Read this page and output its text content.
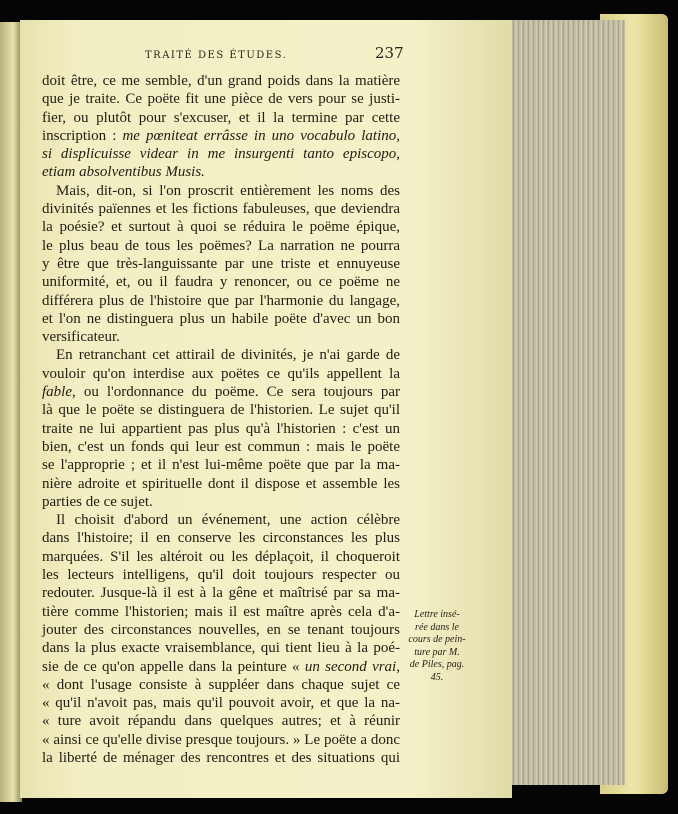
TRAITÉ DES ÉTUDES.	237
doit être, ce me semble, d'un grand poids dans la matière
que je traite. Ce poëte fit une pièce de vers pour se justi-
fier, ou plutôt pour s'excuser, et il la termine par cette
inscription : me pœniteat errâsse in uno vocabulo latino,
si displicuisse videar in me insurgenti tanto episcopo,
etiam absolventibus Musis.
Mais, dit-on, si l'on proscrit entièrement les noms des
divinités païennes et les fictions fabuleuses, que deviendra
la poésie? et surtout à quoi se réduira le poëme épique,
le plus beau de tous les poëmes? La narration ne pourra
y être que très-languissante par une triste et ennuyeuse
uniformité, et, ou il faudra y renoncer, ou ce poëme ne
différera plus de l'histoire que par l'harmonie du langage,
et l'on ne distinguera plus un habile poëte d'avec un bon
versificateur.
En retranchant cet attirail de divinités, je n'ai garde de
vouloir qu'on interdise aux poëtes ce qu'ils appellent la
fable, ou l'ordonnance du poëme. Ce sera toujours par
là que le poëte se distinguera de l'historien. Le sujet qu'il
traite ne lui appartient pas plus qu'à l'historien : c'est un
bien, c'est un fonds qui leur est commun : mais le poëte
se l'approprie ; et il n'est lui-même poëte que par la ma-
nière adroite et spirituelle dont il dispose et assemble les
parties de ce sujet.
Il choisit d'abord un événement, une action célèbre
dans l'histoire; il en conserve les circonstances les plus
marquées. S'il les altéroit ou les déplaçoit, il choqueroit
les lecteurs intelligens, qu'il doit toujours respecter ou
redouter. Jusque-là il est à la gêne et maîtrisé par sa ma-
tière comme l'historien; mais il est maître après cela d'a-
jouter des circonstances nouvelles, en se tenant toujours
dans la plus exacte vraisemblance, qui tient lieu à la poé-
sie de ce qu'on appelle dans la peinture « un second vrai,
« dont l'usage consiste à suppléer dans chaque sujet ce
« qu'il n'avoit pas, mais qu'il pouvoit avoir, et que la na-
« ture avoit répandu dans quelques autres; et à réunir
« ainsi ce qu'elle divise presque toujours. » Le poëte a donc
la liberté de ménager des rencontres et des situations qui
Lettre insé-
rée dans le
cours de pein-
ture par M.
de Piles, pag.
45.
